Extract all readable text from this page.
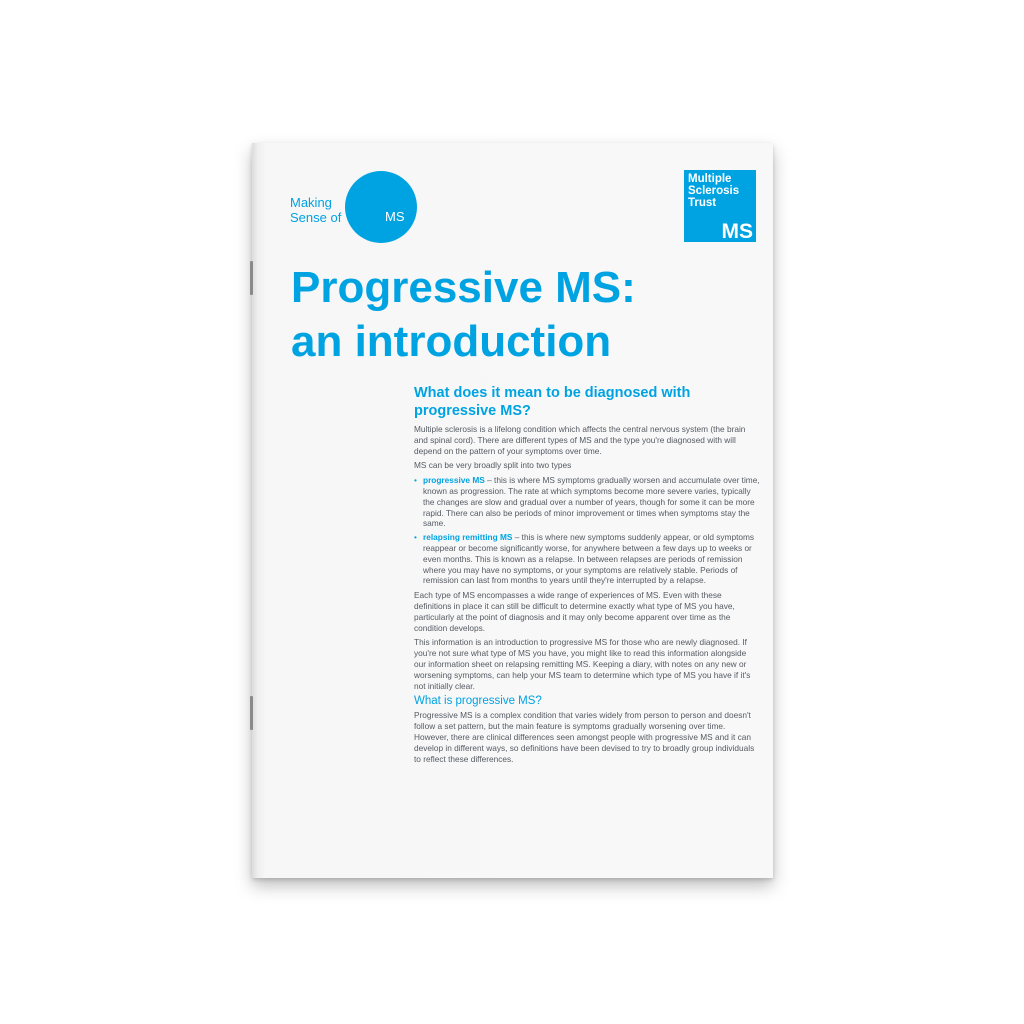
Making
Sense of	MS
Multiple
Sclerosis
Trust
MS
Progressive MS:
an introduction
What does it mean to be diagnosed with
progressive MS?

Multiple sclerosis is a lifelong condition which affects the central nervous system (the brain and spinal cord). There are different types of MS and the type you're diagnosed with will depend on the pattern of your symptoms over time.

MS can be very broadly split into two types

• progressive MS – this is where MS symptoms gradually worsen and accumulate over time, known as progression. The rate at which symptoms become more severe varies, typically the changes are slow and gradual over a number of years, though for some it can be more rapid. There can also be periods of minor improvement or times when symptoms stay the same.
• relapsing remitting MS – this is where new symptoms suddenly appear, or old symptoms reappear or become significantly worse, for anywhere between a few days up to weeks or even months. This is known as a relapse. In between relapses are periods of remission where you may have no symptoms, or your symptoms are relatively stable. Periods of remission can last from months to years until they're interrupted by a relapse.

Each type of MS encompasses a wide range of experiences of MS. Even with these definitions in place it can still be difficult to determine exactly what type of MS you have, particularly at the point of diagnosis and it may only become apparent over time as the condition develops.

This information is an introduction to progressive MS for those who are newly diagnosed. If you're not sure what type of MS you have, you might like to read this information alongside our information sheet on relapsing remitting MS. Keeping a diary, with notes on any new or worsening symptoms, can help your MS team to determine which type of MS you have if it's not initially clear.

What is progressive MS?

Progressive MS is a complex condition that varies widely from person to person and doesn't follow a set pattern, but the main feature is symptoms gradually worsening over time. However, there are clinical differences seen amongst people with progressive MS and it can develop in different ways, so definitions have been devised to try to broadly group individuals to reflect these differences.
